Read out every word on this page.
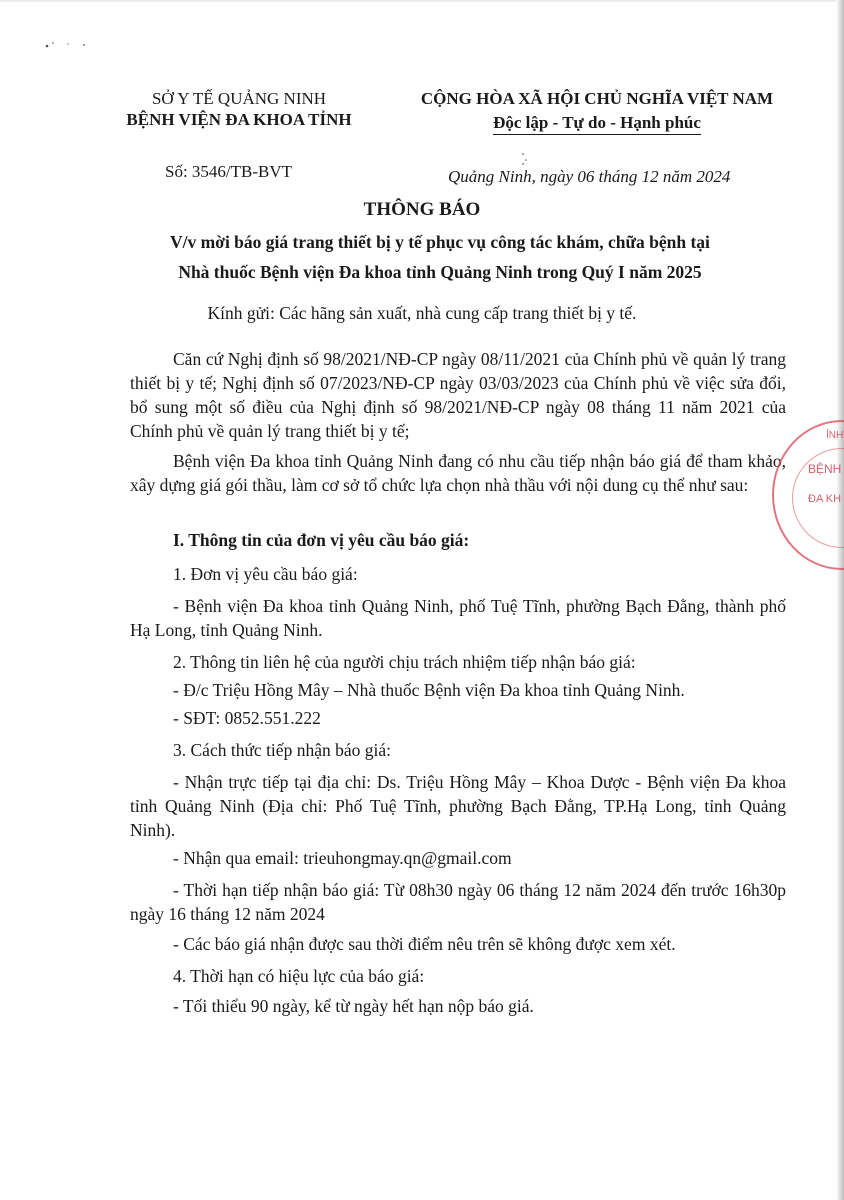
SỞ Y TẾ QUẢNG NINH
BỆNH VIỆN ĐA KHOA TỈNH
CỘNG HÒA XÃ HỘI CHỦ NGHĨA VIỆT NAM
Độc lập - Tự do - Hạnh phúc
Số: 3546/TB-BVT	Quảng Ninh, ngày 06 tháng 12 năm 2024
THÔNG BÁO
V/v mời báo giá trang thiết bị y tế phục vụ công tác khám, chữa bệnh tại
Nhà thuốc Bệnh viện Đa khoa tỉnh Quảng Ninh trong Quý I năm 2025
Kính gửi: Các hãng sản xuất, nhà cung cấp trang thiết bị y tế.

Căn cứ Nghị định số 98/2021/NĐ-CP ngày 08/11/2021 của Chính phủ về quản lý trang thiết bị y tế; Nghị định số 07/2023/NĐ-CP ngày 03/03/2023 của Chính phủ về việc sửa đổi, bổ sung một số điều của Nghị định số 98/2021/NĐ-CP ngày 08 tháng 11 năm 2021 của Chính phủ về quản lý trang thiết bị y tế;

Bệnh viện Đa khoa tỉnh Quảng Ninh đang có nhu cầu tiếp nhận báo giá để tham khảo, xây dựng giá gói thầu, làm cơ sở tổ chức lựa chọn nhà thầu với nội dung cụ thể như sau:

I. Thông tin của đơn vị yêu cầu báo giá:
1. Đơn vị yêu cầu báo giá:

- Bệnh viện Đa khoa tỉnh Quảng Ninh, phố Tuệ Tĩnh, phường Bạch Đằng, thành phố Hạ Long, tỉnh Quảng Ninh.

2. Thông tin liên hệ của người chịu trách nhiệm tiếp nhận báo giá:
- Đ/c Triệu Hồng Mây – Nhà thuốc Bệnh viện Đa khoa tỉnh Quảng Ninh.
- SĐT: 0852.551.222
3. Cách thức tiếp nhận báo giá:

- Nhận trực tiếp tại địa chỉ: Ds. Triệu Hồng Mây – Khoa Dược - Bệnh viện Đa khoa tỉnh Quảng Ninh (Địa chỉ: Phố Tuệ Tĩnh, phường Bạch Đằng, TP.Hạ Long, tỉnh Quảng Ninh).

- Nhận qua email: trieuhongmay.qn@gmail.com

- Thời hạn tiếp nhận báo giá: Từ 08h30 ngày 06 tháng 12 năm 2024 đến trước 16h30p ngày 16 tháng 12 năm 2024

- Các báo giá nhận được sau thời điểm nêu trên sẽ không được xem xét.
4. Thời hạn có hiệu lực của báo giá:
- Tối thiểu 90 ngày, kể từ ngày hết hạn nộp báo giá.
BỆNH
ĐA KH
ỈNH
